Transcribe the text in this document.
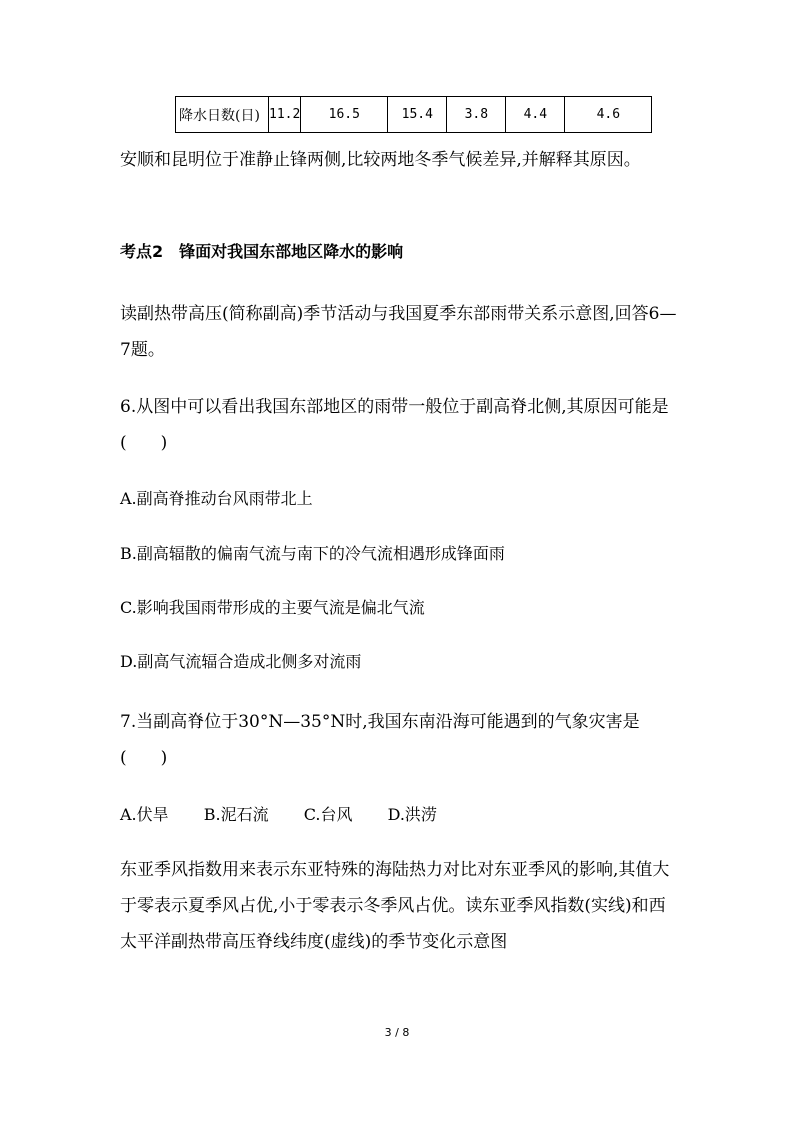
降水日数(日)	11.2	16.5	15.4	3.8	4.4	4.6

安顺和昆明位于准静止锋两侧,比较两地冬季气候差异,并解释其原因。

考点2　锋面对我国东部地区降水的影响

读副热带高压(简称副高)季节活动与我国夏季东部雨带关系示意图,回答6—7题。

6.从图中可以看出我国东部地区的雨带一般位于副高脊北侧,其原因可能是　(　　)

A.副高脊推动台风雨带北上
B.副高辐散的偏南气流与南下的冷气流相遇形成锋面雨
C.影响我国雨带形成的主要气流是偏北气流
D.副高气流辐合造成北侧多对流雨

7.当副高脊位于30°N—35°N时,我国东南沿海可能遇到的气象灾害是　(　　)

A.伏旱 B.泥石流 C.台风 D.洪涝

东亚季风指数用来表示东亚特殊的海陆热力对比对东亚季风的影响,其值大于零表示夏季风占优,小于零表示冬季风占优。读东亚季风指数(实线)和西太平洋副热带高压脊线纬度(虚线)的季节变化示意图

3 / 8
